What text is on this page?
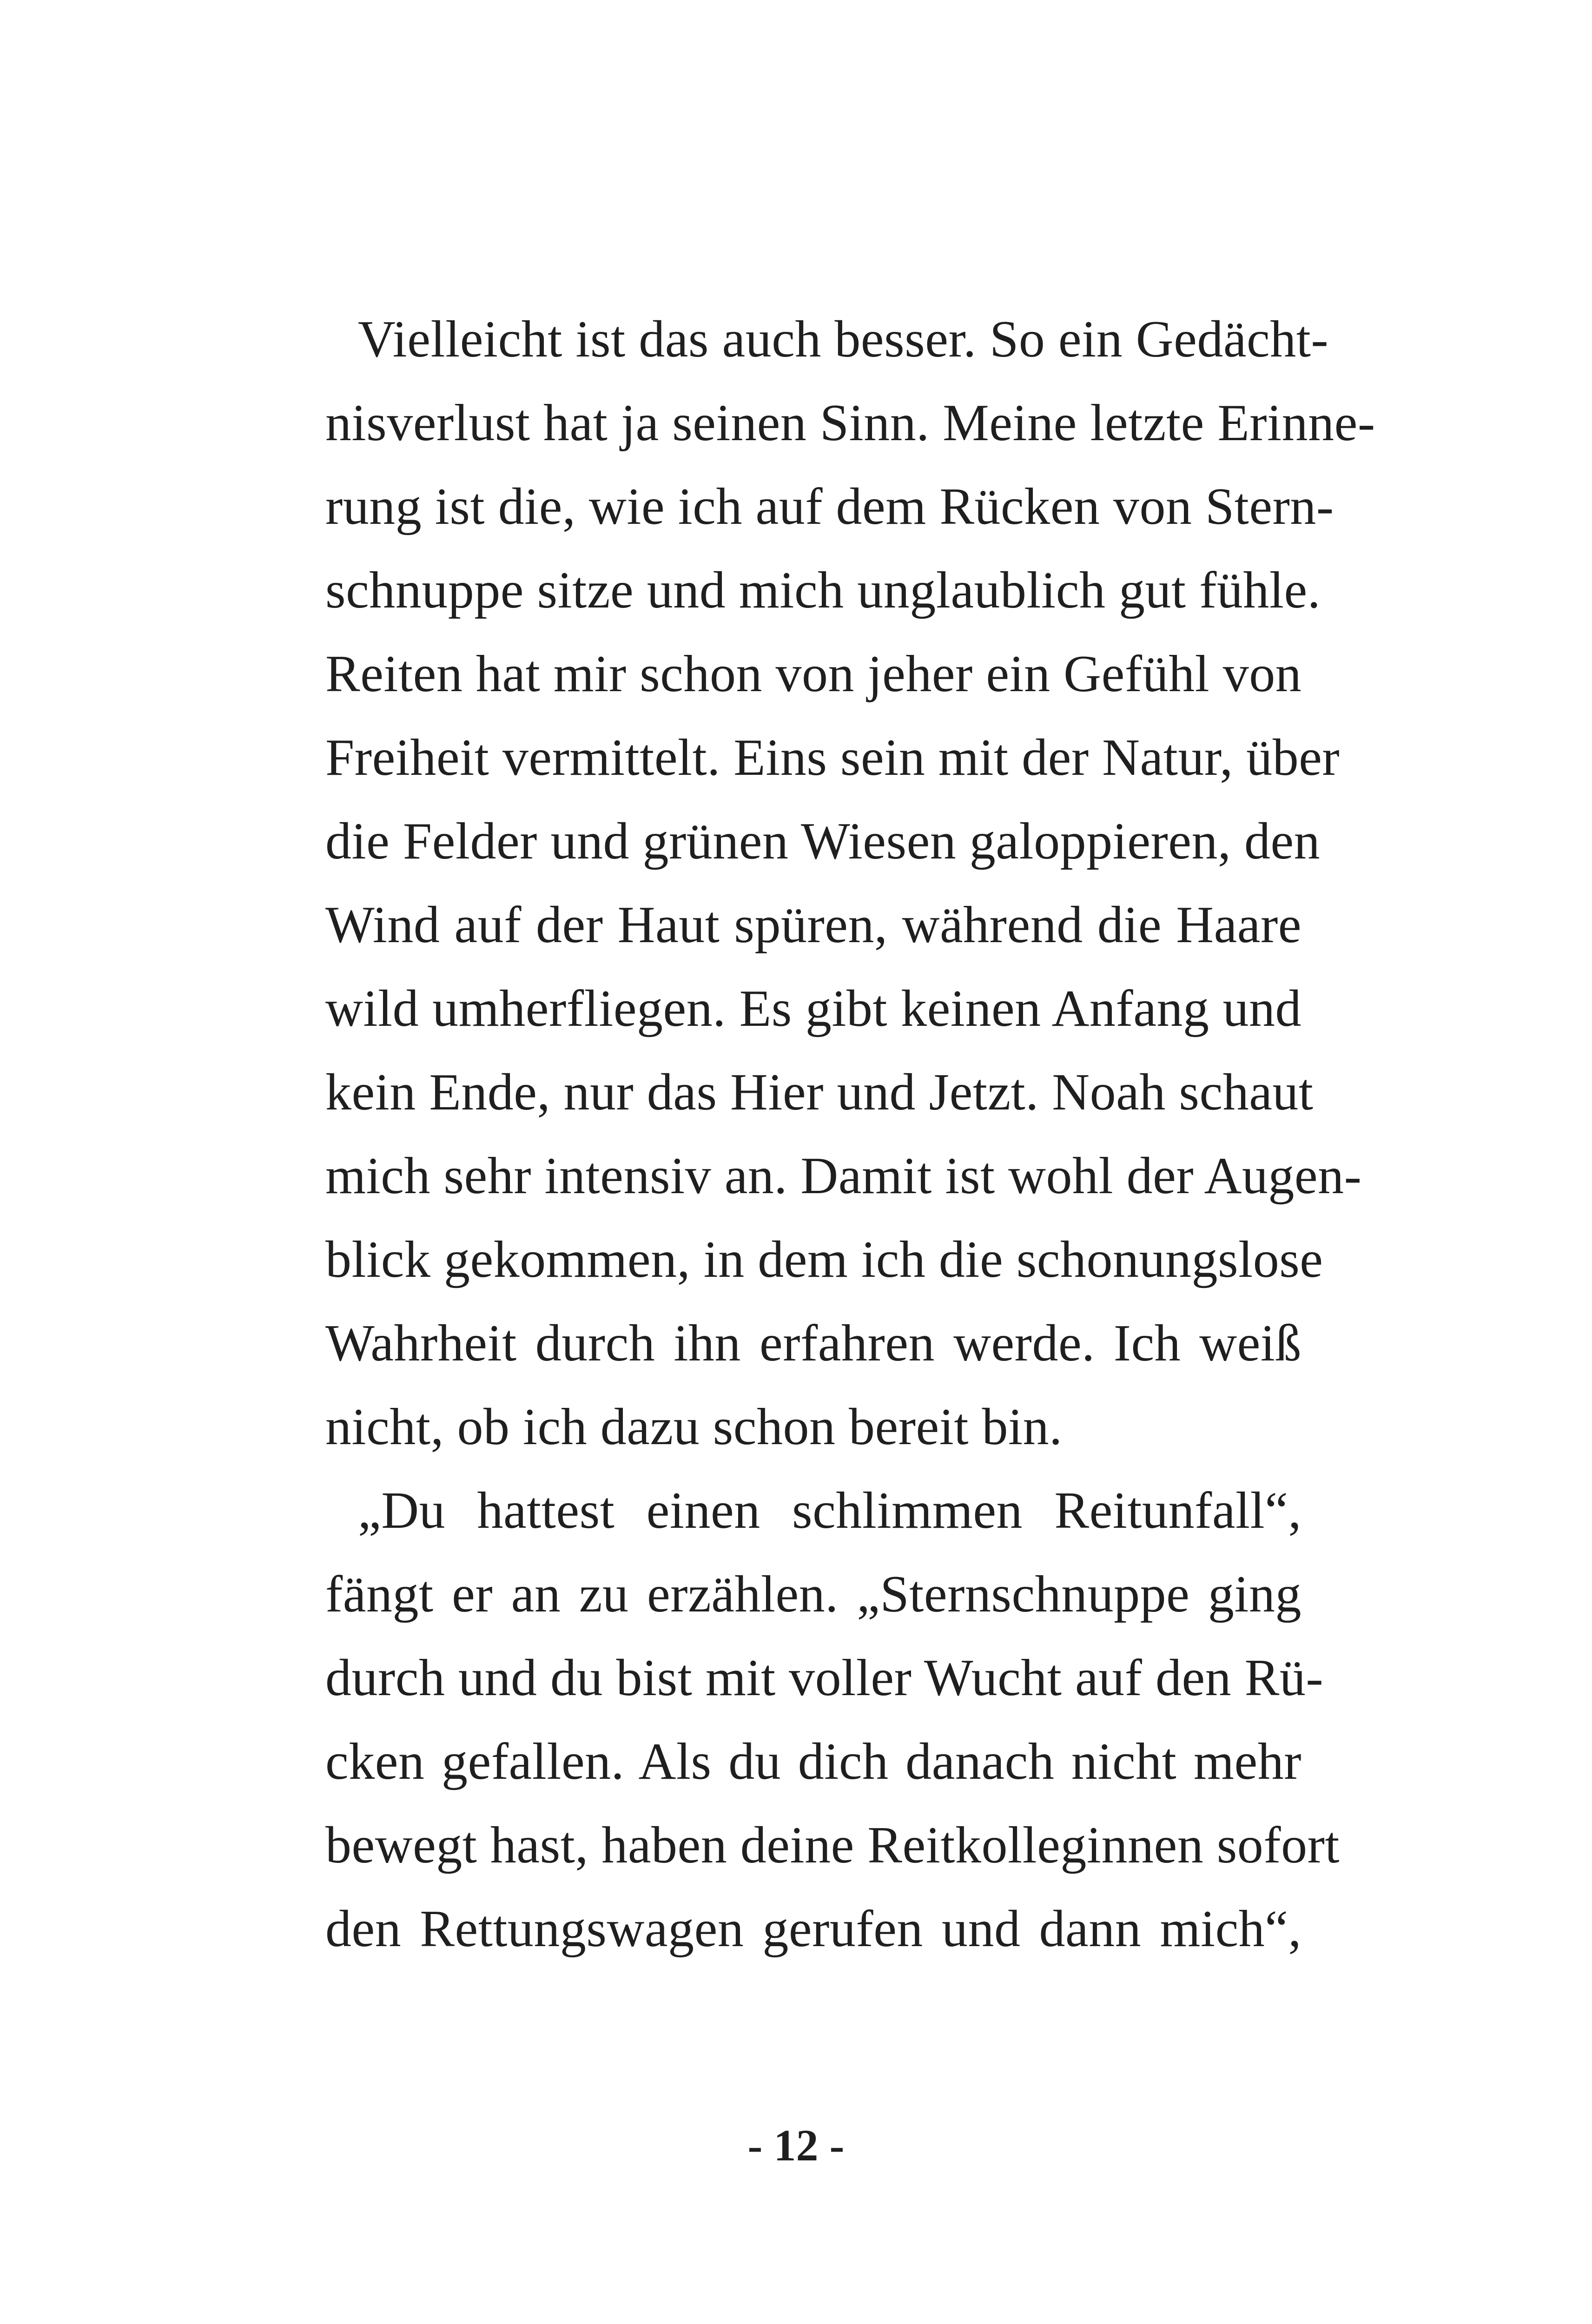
Vielleicht ist das auch besser. So ein Gedächt-
nisverlust hat ja seinen Sinn. Meine letzte Erinne-
rung ist die, wie ich auf dem Rücken von Stern-
schnuppe sitze und mich unglaublich gut fühle.
Reiten hat mir schon von jeher ein Gefühl von
Freiheit vermittelt. Eins sein mit der Natur, über
die Felder und grünen Wiesen galoppieren, den
Wind auf der Haut spüren, während die Haare
wild umherfliegen. Es gibt keinen Anfang und
kein Ende, nur das Hier und Jetzt. Noah schaut
mich sehr intensiv an. Damit ist wohl der Augen-
blick gekommen, in dem ich die schonungslose
Wahrheit durch ihn erfahren werde. Ich weiß
nicht, ob ich dazu schon bereit bin.
„Du hattest einen schlimmen Reitunfall“,
fängt er an zu erzählen. „Sternschnuppe ging
durch und du bist mit voller Wucht auf den Rü-
cken gefallen. Als du dich danach nicht mehr
bewegt hast, haben deine Reitkolleginnen sofort
den Rettungswagen gerufen und dann mich“,
- 12 -
